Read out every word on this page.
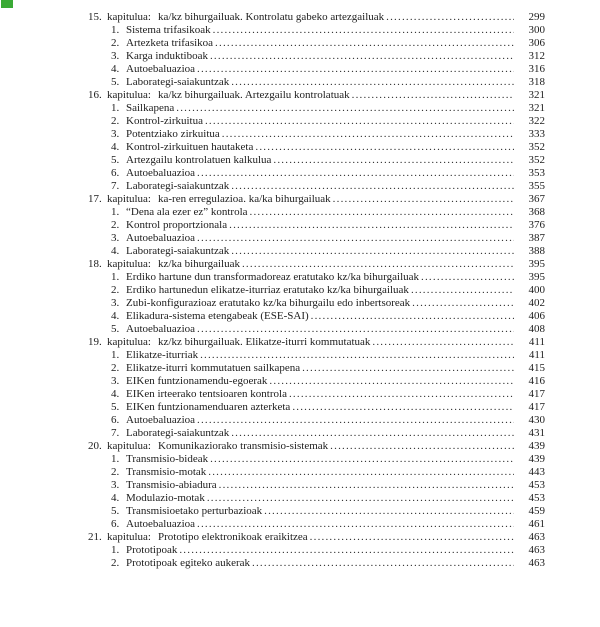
15. kapitulua: ka/kz bihurgailuak. Kontrolatu gabeko artezgailuak .....	299
1. Sistema trifasikoak .....	300
2. Artezketa trifasikoa .....	306
3. Karga induktiboak .....	312
4. Autoebaluazioa .....	316
5. Laborategi-saiakuntzak .....	318
16. kapitulua: ka/kz bihurgailuak. Artezgailu kontrolatuak .....	321
1. Sailkapena .....	321
2. Kontrol-zirkuitua .....	322
3. Potentziako zirkuitua .....	333
4. Kontrol-zirkuituen hautaketa .....	352
5. Artezgailu kontrolatuen kalkulua .....	352
6. Autoebaluazioa .....	353
7. Laborategi-saiakuntzak .....	355
17. kapitulua: ka-ren erregulazioa. ka/ka bihurgailuak .....	367
1. “Dena ala ezer ez” kontrola .....	368
2. Kontrol proportzionala .....	376
3. Autoebaluazioa .....	387
4. Laborategi-saiakuntzak .....	388
18. kapitulua: kz/ka bihurgailuak .....	395
1. Erdiko hartune dun transformadoreaz eratutako kz/ka bihurgailuak .....	395
2. Erdiko hartunedun elikatze-iturriaz eratutako kz/ka bihurgailuak .....	400
3. Zubi-konfigurazioaz eratutako kz/ka bihurgailu edo inbertsoreak .....	402
4. Elikadura-sistema etengabeak (ESE-SAI) .....	406
5. Autoebaluazioa .....	408
19. kapitulua: kz/kz bihurgailuak. Elikatze-iturri kommutatuak .....	411
1. Elikatze-iturriak .....	411
2. Elikatze-iturri kommutatuen sailkapena .....	415
3. EIKen funtzionamendu-egoerak .....	416
4. EIKen irteerako tentsioaren kontrola .....	417
5. EIKen funtzionamenduaren azterketa .....	417
6. Autoebaluazioa .....	430
7. Laborategi-saiakuntzak .....	431
20. kapitulua: Komunikaziorako transmisio-sistemak .....	439
1. Transmisio-bideak .....	439
2. Transmisio-motak .....	443
3. Transmisio-abiadura .....	453
4. Modulazio-motak .....	453
5. Transmisioetako perturbazioak .....	459
6. Autoebaluazioa .....	461
21. kapitulua: Prototipo elektronikoak eraikitzea .....	463
1. Prototipoak .....	463
2. Prototipoak egiteko aukerak .....	463
